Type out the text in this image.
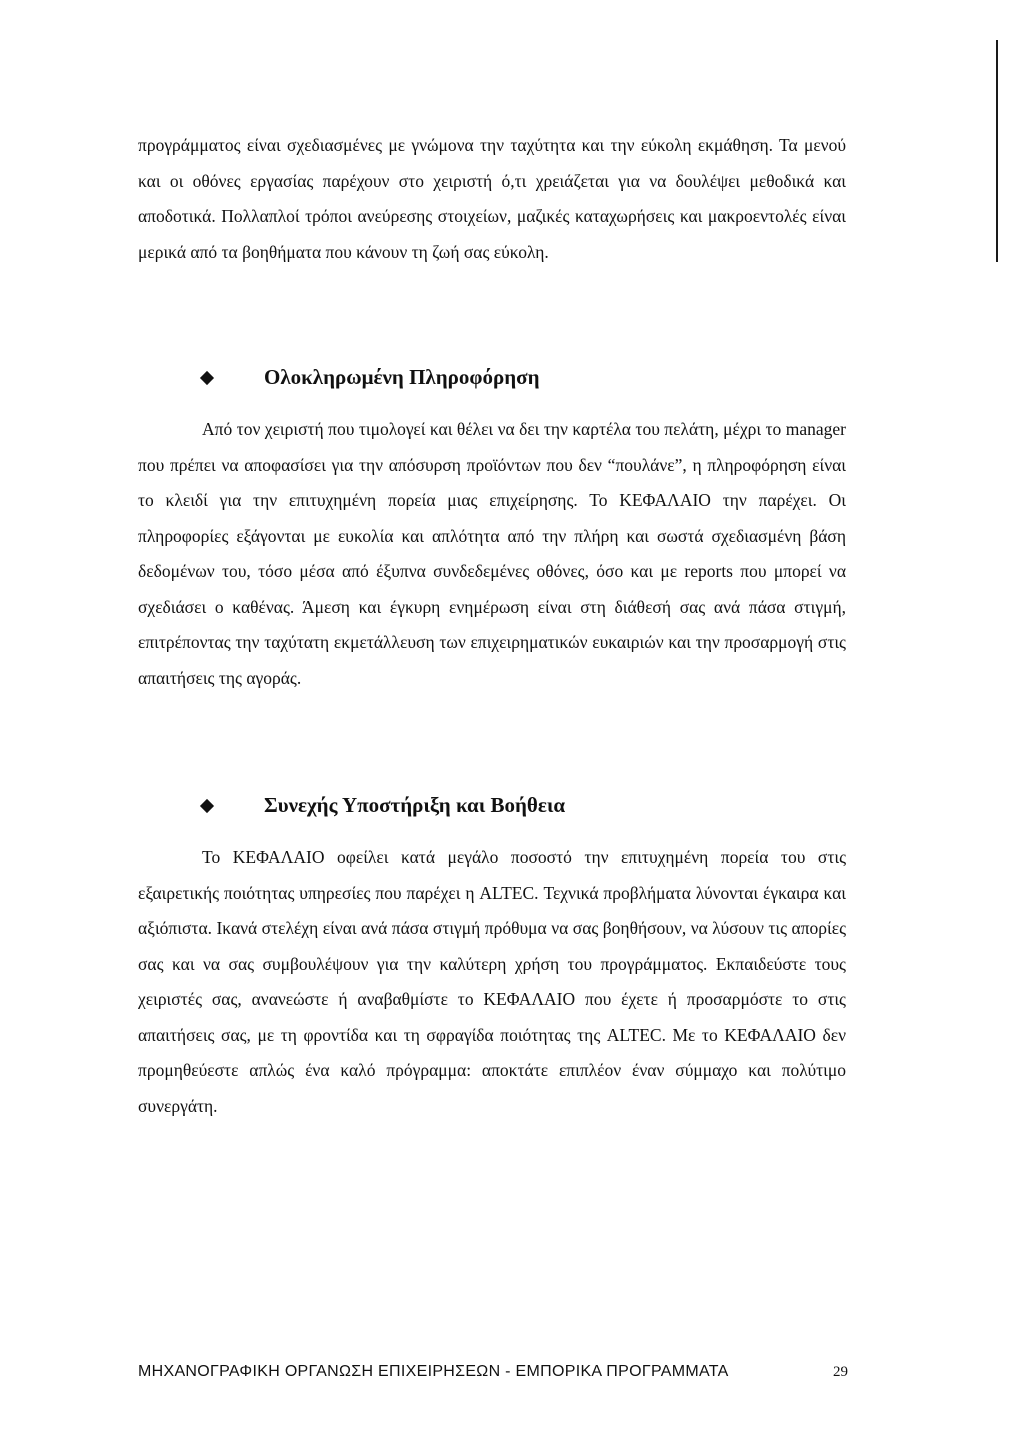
προγράμματος είναι σχεδιασμένες με γνώμονα την ταχύτητα και την εύκολη εκμάθηση. Τα μενού και οι οθόνες εργασίας παρέχουν στο χειριστή ό,τι χρειάζεται για να δουλέψει μεθοδικά και αποδοτικά. Πολλαπλοί τρόποι ανεύρεσης στοιχείων, μαζικές καταχωρήσεις και μακροεντολές είναι μερικά από τα βοηθήματα που κάνουν τη ζωή σας εύκολη.

Ολοκληρωμένη Πληροφόρηση

Από τον χειριστή που τιμολογεί και θέλει να δει την καρτέλα του πελάτη, μέχρι το manager που πρέπει να αποφασίσει για την απόσυρση προϊόντων που δεν “πουλάνε”, η πληροφόρηση είναι το κλειδί για την επιτυχημένη πορεία μιας επιχείρησης. Το ΚΕΦΑΛΑΙΟ την παρέχει. Οι πληροφορίες εξάγονται με ευκολία και απλότητα από την πλήρη και σωστά σχεδιασμένη βάση δεδομένων του, τόσο μέσα από έξυπνα συνδεδεμένες οθόνες, όσο και με reports που μπορεί να σχεδιάσει ο καθένας. Άμεση και έγκυρη ενημέρωση είναι στη διάθεσή σας ανά πάσα στιγμή, επιτρέποντας την ταχύτατη εκμετάλλευση των επιχειρηματικών ευκαιριών και την προσαρμογή στις απαιτήσεις της αγοράς.

Συνεχής Υποστήριξη και Βοήθεια

Το ΚΕΦΑΛΑΙΟ οφείλει κατά μεγάλο ποσοστό την επιτυχημένη πορεία του στις εξαιρετικής ποιότητας υπηρεσίες που παρέχει η ALTEC. Τεχνικά προβλήματα λύνονται έγκαιρα και αξιόπιστα. Ικανά στελέχη είναι ανά πάσα στιγμή πρόθυμα να σας βοηθήσουν, να λύσουν τις απορίες σας και να σας συμβουλέψουν για την καλύτερη χρήση του προγράμματος. Εκπαιδεύστε τους χειριστές σας, ανανεώστε ή αναβαθμίστε το ΚΕΦΑΛΑΙΟ που έχετε ή προσαρμόστε το στις απαιτήσεις σας, με τη φροντίδα και τη σφραγίδα ποιότητας της ALTEC. Με το ΚΕΦΑΛΑΙΟ δεν προμηθεύεστε απλώς ένα καλό πρόγραμμα: αποκτάτε επιπλέον έναν σύμμαχο και πολύτιμο συνεργάτη.

ΜΗΧΑΝΟΓΡΑΦΙΚΗ ΟΡΓΑΝΩΣΗ ΕΠΙΧΕΙΡΗΣΕΩΝ - ΕΜΠΟΡΙΚΑ ΠΡΟΓΡΑΜΜΑΤΑ	29
